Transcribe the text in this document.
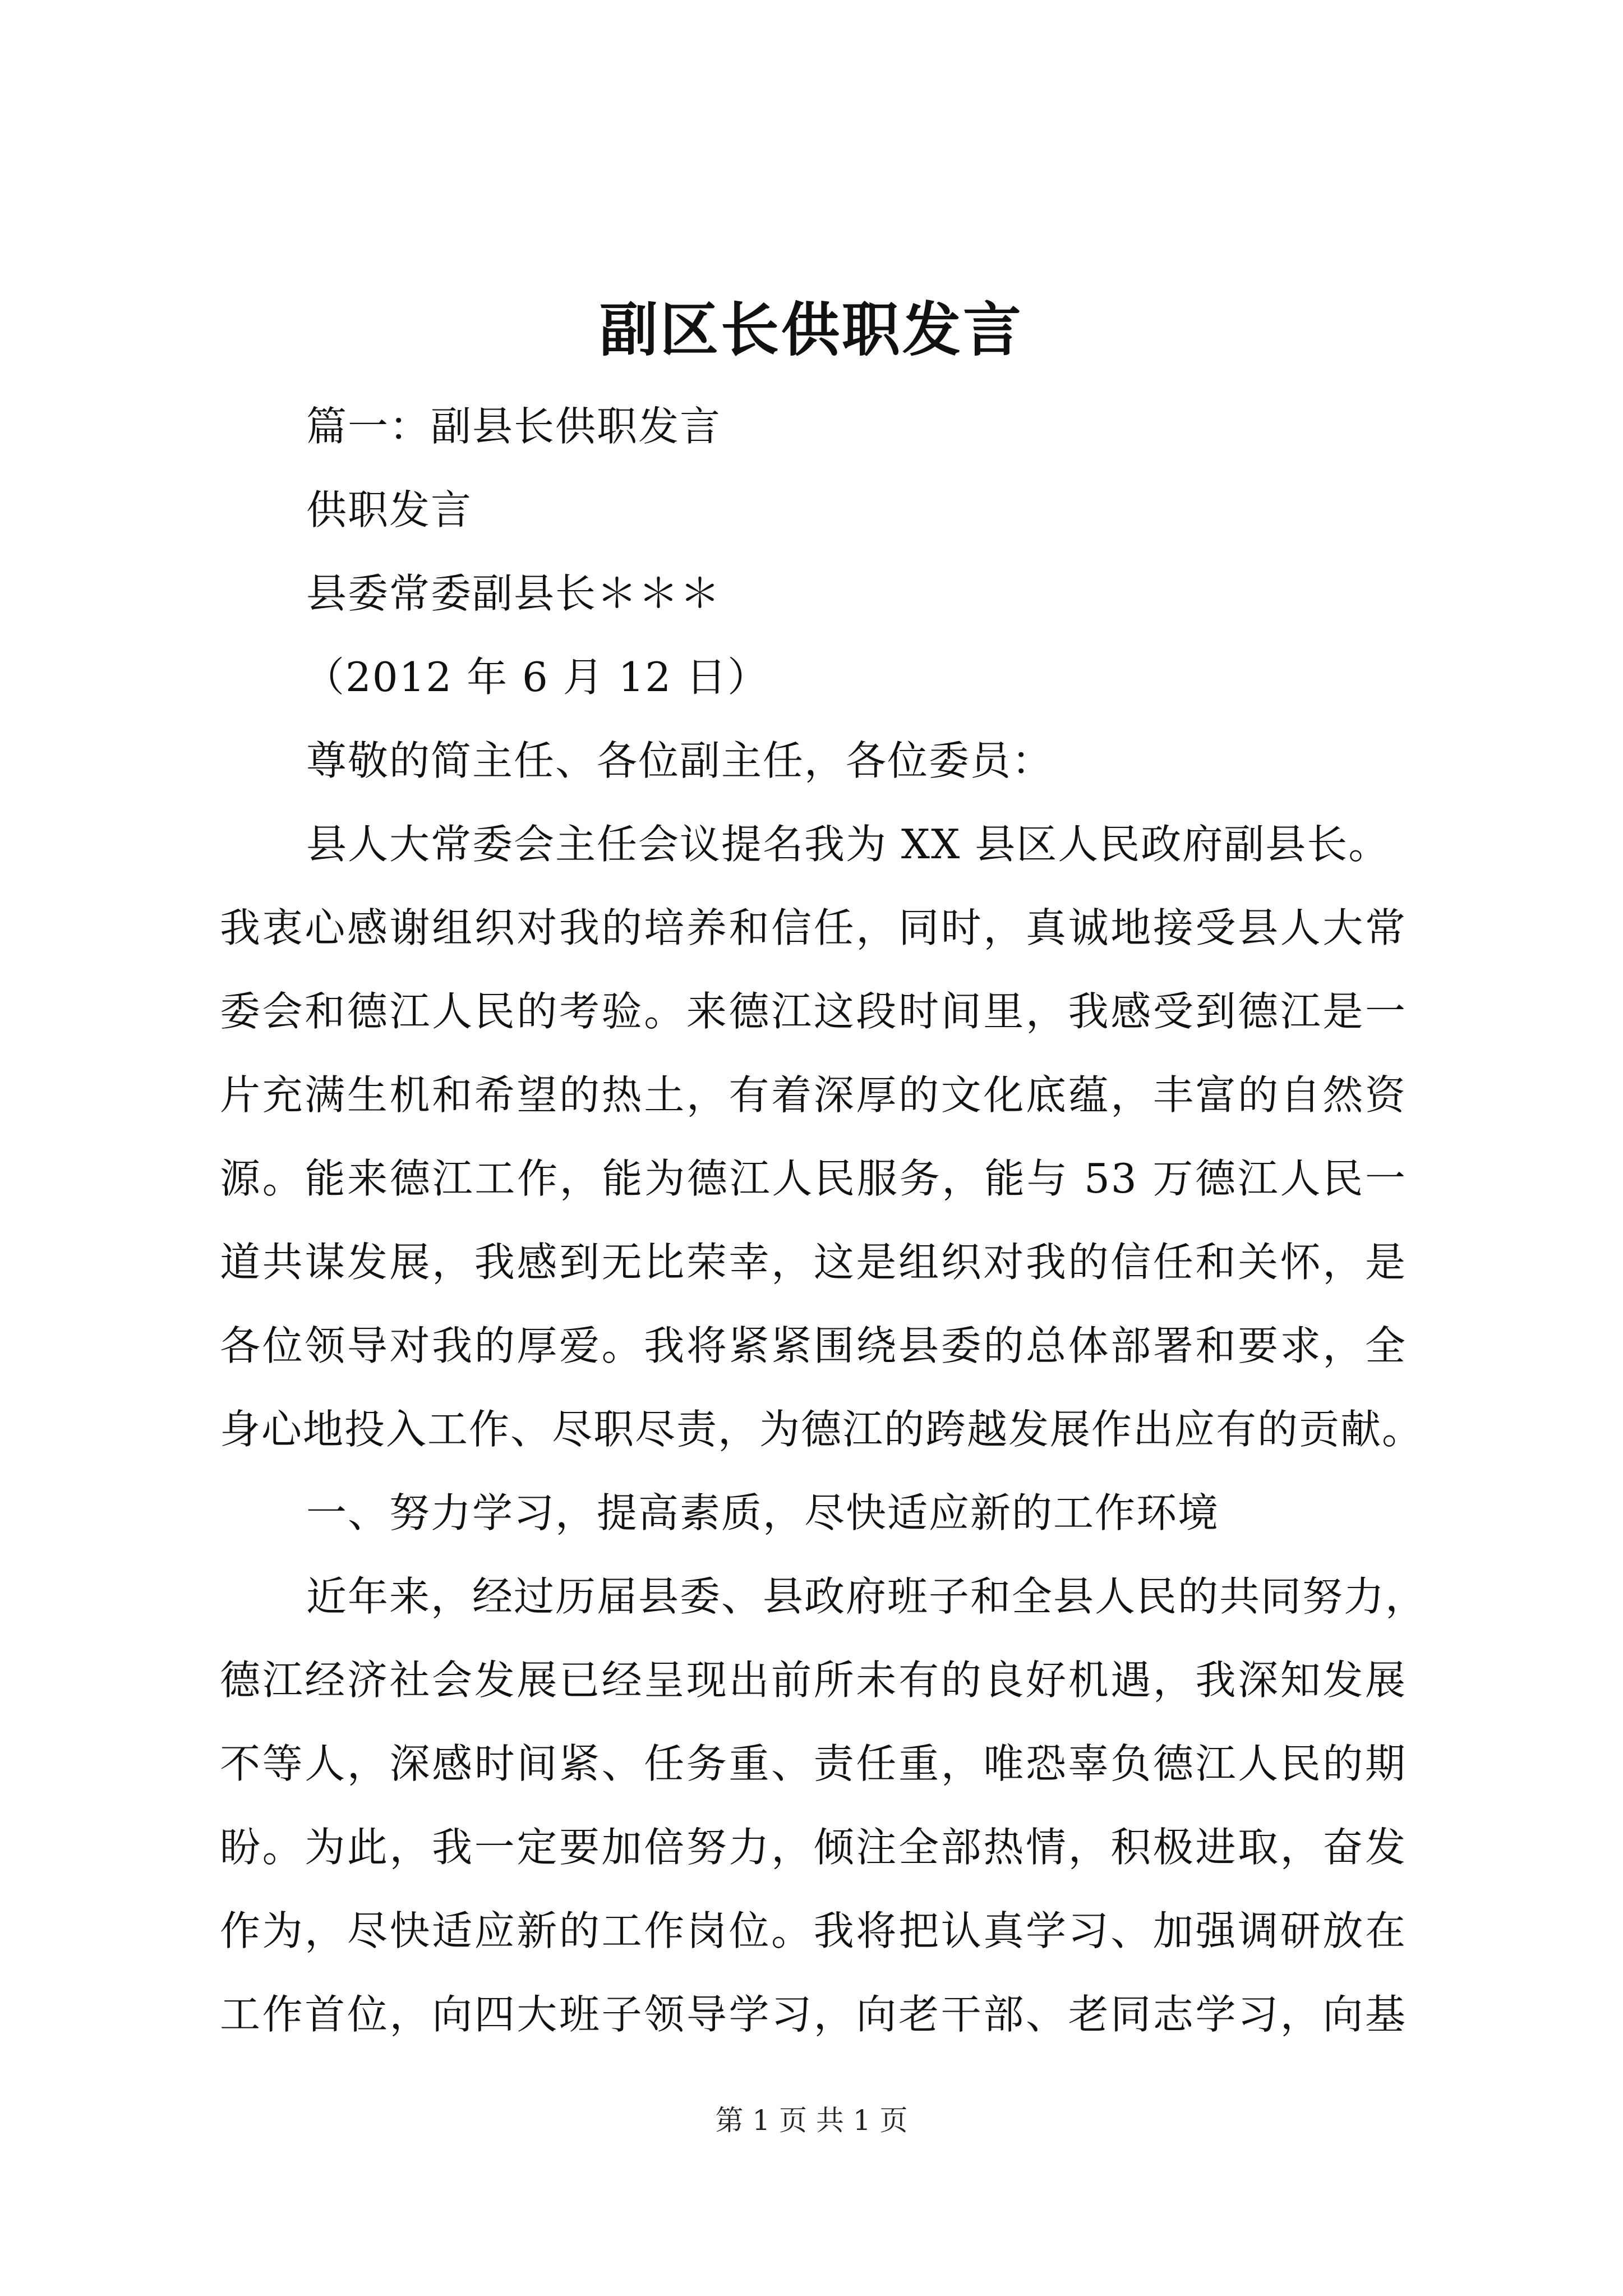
副区长供职发言
篇一：副县长供职发言
供职发言
县委常委副县长＊＊＊
（2012 年 6 月 12 日）
尊敬的简主任、各位副主任，各位委员：
县人大常委会主任会议提名我为 XX 县区人民政府副县长。
我衷心感谢组织对我的培养和信任，同时，真诚地接受县人大常
委会和德江人民的考验。来德江这段时间里，我感受到德江是一
片充满生机和希望的热土，有着深厚的文化底蕴，丰富的自然资
源。能来德江工作，能为德江人民服务，能与 53 万德江人民一
道共谋发展，我感到无比荣幸，这是组织对我的信任和关怀，是
各位领导对我的厚爱。我将紧紧围绕县委的总体部署和要求，全
身心地投入工作、尽职尽责，为德江的跨越发展作出应有的贡献。
一、努力学习，提高素质，尽快适应新的工作环境
近年来，经过历届县委、县政府班子和全县人民的共同努力，
德江经济社会发展已经呈现出前所未有的良好机遇，我深知发展
不等人，深感时间紧、任务重、责任重，唯恐辜负德江人民的期
盼。为此，我一定要加倍努力，倾注全部热情，积极进取，奋发
作为，尽快适应新的工作岗位。我将把认真学习、加强调研放在
工作首位，向四大班子领导学习，向老干部、老同志学习，向基
第 1 页 共 1 页
